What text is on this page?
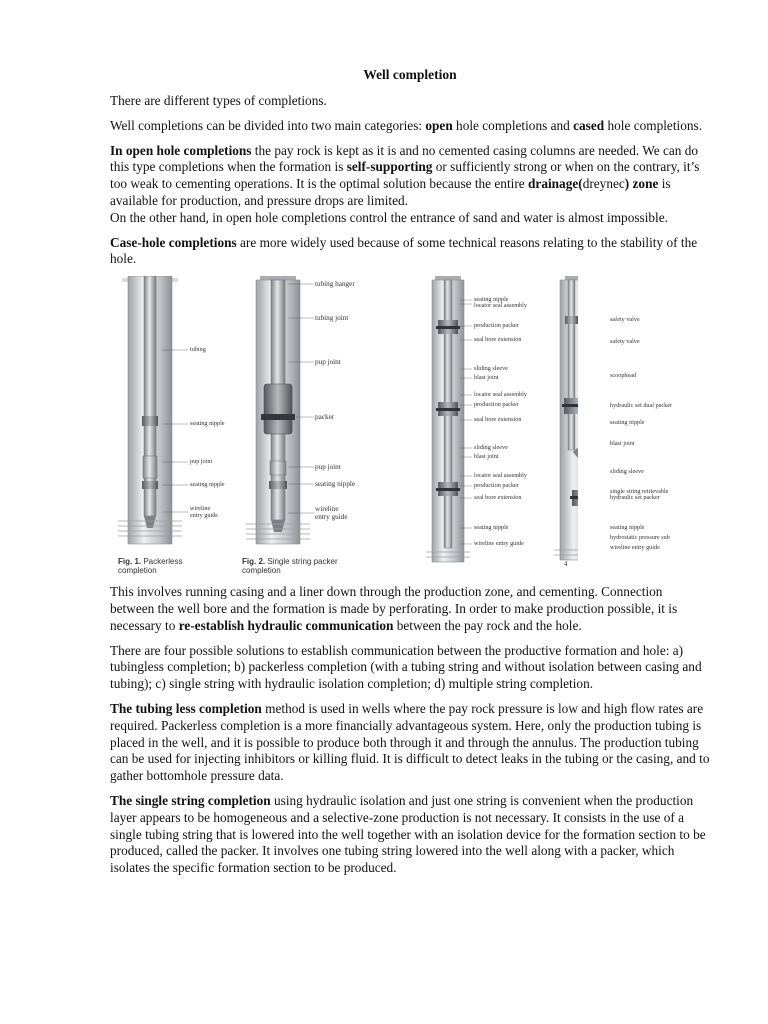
Well completion

There are different types of completions.

Well completions can be divided into two main categories: open hole completions and cased hole completions.

In open hole completions the pay rock is kept as it is and no cemented casing columns are needed. We can do this type completions when the formation is self-supporting or sufficiently strong or when on the contrary, it’s too weak to cementing operations. It is the optimal solution because the entire drainage(dreynec) zone is available for production, and pressure drops are limited.

On the other hand, in open hole completions control the entrance of sand and water is almost impossible.

Case-hole completions are more widely used because of some technical reasons relating to the stability of the hole.

tubing
seating nipple
pup joint
seating nipple
wireline
entry guide
tubing hanger
tubing joint
pup joint
packer
pup joint
seating nipple
wireline
entry guide
seating nipple
locator seal assembly
production packer
seal bore extension
sliding sleeve
blast joint
locator seal assembly
production packer
seal bore extension
sliding sleeve
blast joint
locator seal assembly
production packer
seal bore extension
seating nipple
wireline entry guide
safety valve
safety valve
scoophead
hydraulic set dual packer
seating nipple
blast joint
sliding sleeve
single string retrievable
hydraulic set packer
seating nipple
hydrostatic pressure sub
wireline entry guide
4
Fig. 1. Packerless
completion
Fig. 2. Single string packer
completion

This involves running casing and a liner down through the production zone, and cementing. Connection between the well bore and the formation is made by perforating. In order to make production possible, it is necessary to re-establish hydraulic communication between the pay rock and the hole.

There are four possible solutions to establish communication between the productive formation and hole: a) tubingless completion; b) packerless completion (with a tubing string and without isolation between casing and tubing); c) single string with hydraulic isolation completion; d) multiple string completion.

The tubing less completion method is used in wells where the pay rock pressure is low and high flow rates are required. Packerless completion is a more financially advantageous system. Here, only the production tubing is placed in the well, and it is possible to produce both through it and through the annulus. The production tubing can be used for injecting inhibitors or killing fluid. It is difficult to detect leaks in the tubing or the casing, and to gather bottomhole pressure data.

The single string completion using hydraulic isolation and just one string is convenient when the production layer appears to be homogeneous and a selective-zone production is not necessary. It consists in the use of a single tubing string that is lowered into the well together with an isolation device for the formation section to be produced, called the packer. It involves one tubing string lowered into the well along with a packer, which isolates the specific formation section to be produced.
